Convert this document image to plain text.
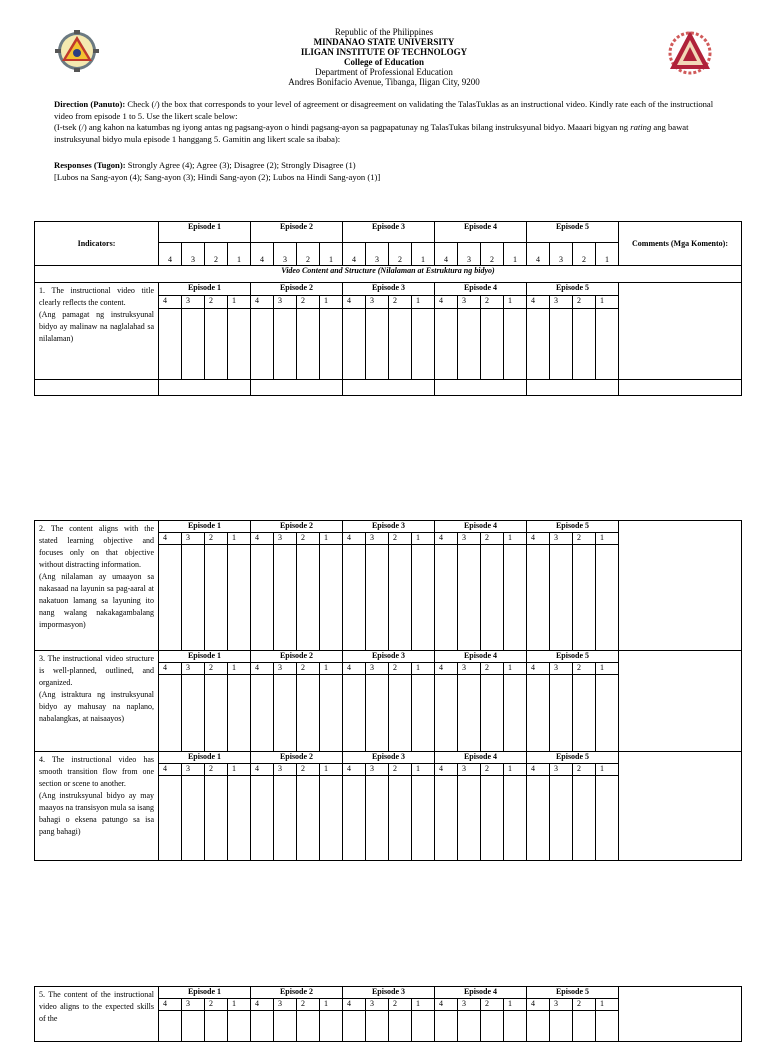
Republic of the Philippines
MINDANAO STATE UNIVERSITY
ILIGAN INSTITUTE OF TECHNOLOGY
College of Education
Department of Professional Education
Andres Bonifacio Avenue, Tibanga, Iligan City, 9200
Direction (Panuto): Check (/) the box that corresponds to your level of agreement or disagreement on validating the TalasTuklas as an instructional video. Kindly rate each of the instructional video from episode 1 to 5. Use the likert scale below:
(I-tsek (/) ang kahon na katumbas ng iyong antas ng pagsang-ayon o hindi pagsang-ayon sa pagpapatunay ng TalasTukas bilang instruksyunal bidyo. Maaari bigyan ng rating ang bawat instruksyunal bidyo mula episode 1 hanggang 5. Gamitin ang likert scale sa ibaba):
Responses (Tugon): Strongly Agree (4); Agree (3); Disagree (2); Strongly Disagree (1)
[Lubos na Sang-ayon (4); Sang-ayon (3); Hindi Sang-ayon (2); Lubos na Hindi Sang-ayon (1)]
Indicators:	Episode 1				Episode 2				Episode 3				Episode 4				Episode 5				Comments (Mga Komento):
	4	3	2	1	4	3	2	1	4	3	2	1	4	3	2	1	4	3	2	1	
Video Content and Structure (Nilalaman at Estruktura ng bidyo)																					

1. The instructional video title clearly reflects the content.
(Ang pamagat ng instruksyunal bidyo ay malinaw na naglalahad sa nilalaman)	Episode 1				Episode 2				Episode 3				Episode 4				Episode 5				
	4	3	2	1	4	3	2	1	4	3	2	1	4	3	2	1	4	3	2	1	

2. The content aligns with the stated learning objective and focuses only on that objective without distracting information.
(Ang nilalaman ay umaayon sa nakasaad na layunin sa pag-aaral at nakatuon lamang sa layuning ito nang walang nakakagambalang impormasyon)	Episode 1				Episode 2				Episode 3				Episode 4				Episode 5				
	4	3	2	1	4	3	2	1	4	3	2	1	4	3	2	1	4	3	2	1	

3. The instructional video structure is well-planned, outlined, and organized.
(Ang istraktura ng instruksyunal bidyo ay mahusay na naplano, nabalangkas, at naisaayos)	Episode 1				Episode 2				Episode 3				Episode 4				Episode 5				
	4	3	2	1	4	3	2	1	4	3	2	1	4	3	2	1	4	3	2	1	

4. The instructional video has smooth transition flow from one section or scene to another.
(Ang instruksyunal bidyo ay may maayos na transisyon mula sa isang bahagi o eksena patungo sa isa pang bahagi)	Episode 1				Episode 2				Episode 3				Episode 4				Episode 5				
	4	3	2	1	4	3	2	1	4	3	2	1	4	3	2	1	4	3	2	1	

5. The content of the instructional video aligns to the expected skills of the	Episode 1				Episode 2				Episode 3				Episode 4				Episode 5				
	4	3	2	1	4	3	2	1	4	3	2	1	4	3	2	1	4	3	2	1	
